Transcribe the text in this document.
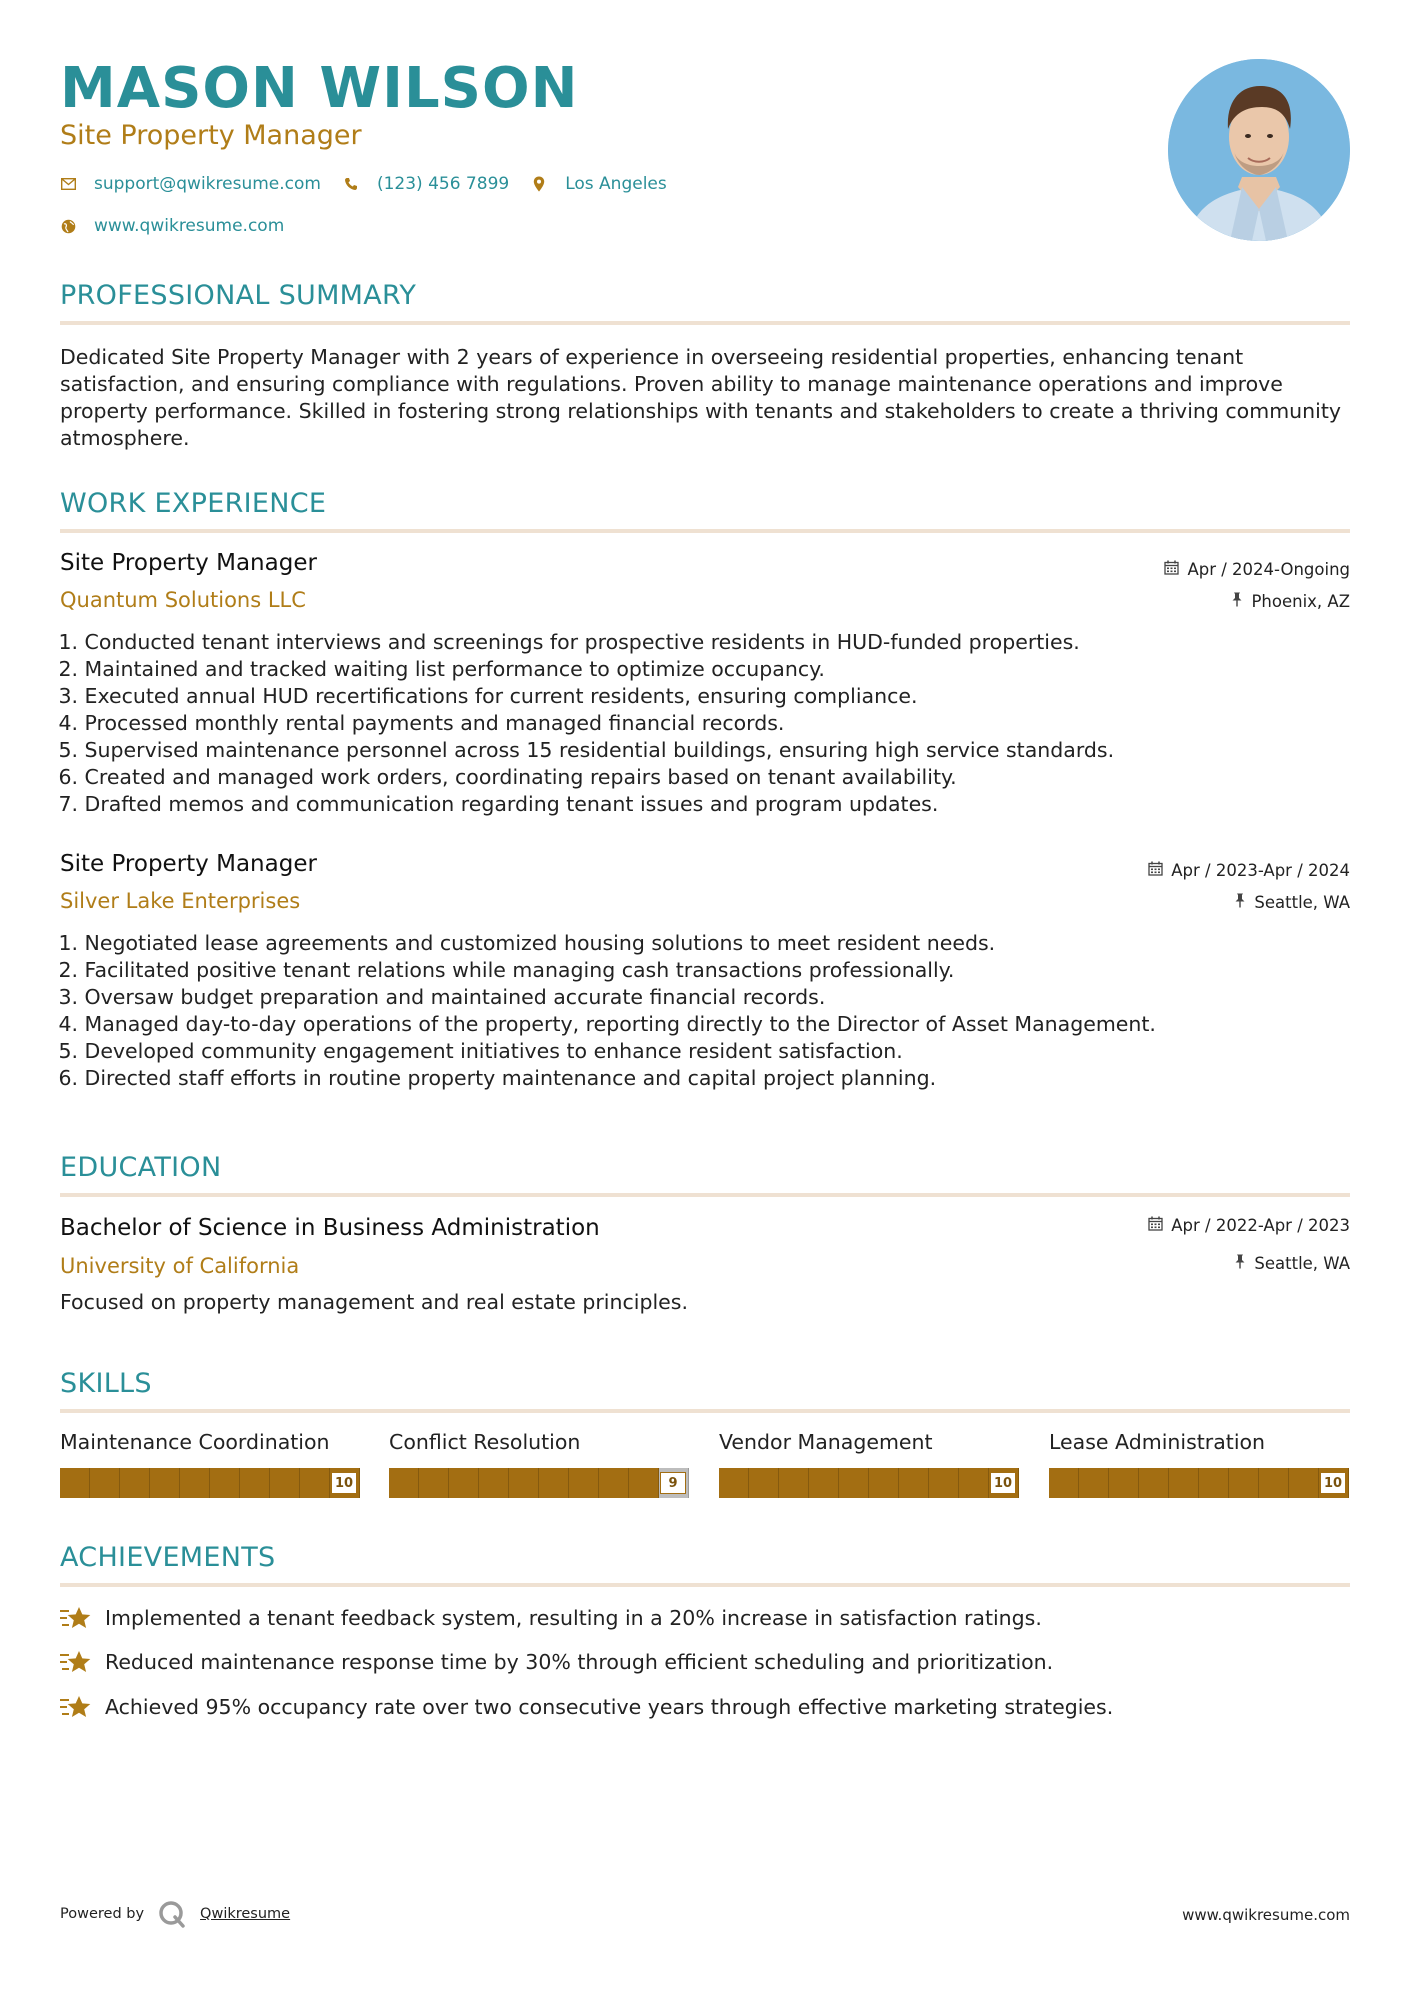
MASON WILSON
Site Property Manager
support@qwikresume.com	(123) 456 7899	Los Angeles
www.qwikresume.com
PROFESSIONAL SUMMARY
Dedicated Site Property Manager with 2 years of experience in overseeing residential properties, enhancing tenant satisfaction, and ensuring compliance with regulations. Proven ability to manage maintenance operations and improve property performance. Skilled in fostering strong relationships with tenants and stakeholders to create a thriving community atmosphere.
WORK EXPERIENCE
Site Property Manager
Quantum Solutions LLC
Apr / 2024-Ongoing
Phoenix, AZ
1.
Conducted tenant interviews and screenings for prospective residents in HUD-funded properties.
2.
Maintained and tracked waiting list performance to optimize occupancy.
3.
Executed annual HUD recertifications for current residents, ensuring compliance.
4.
Processed monthly rental payments and managed financial records.
5.
Supervised maintenance personnel across 15 residential buildings, ensuring high service standards.
6.
Created and managed work orders, coordinating repairs based on tenant availability.
7.
Drafted memos and communication regarding tenant issues and program updates.
Site Property Manager
Silver Lake Enterprises
Apr / 2023-Apr / 2024
Seattle, WA
1.
Negotiated lease agreements and customized housing solutions to meet resident needs.
2.
Facilitated positive tenant relations while managing cash transactions professionally.
3.
Oversaw budget preparation and maintained accurate financial records.
4.
Managed day-to-day operations of the property, reporting directly to the Director of Asset Management.
5.
Developed community engagement initiatives to enhance resident satisfaction.
6.
Directed staff efforts in routine property maintenance and capital project planning.
EDUCATION
Bachelor of Science in Business Administration
University of California
Apr / 2022-Apr / 2023
Seattle, WA
Focused on property management and real estate principles.
SKILLS
Maintenance Coordination
10
Conflict Resolution
9
Vendor Management
10
Lease Administration
10
ACHIEVEMENTS
Implemented a tenant feedback system, resulting in a 20% increase in satisfaction ratings.
Reduced maintenance response time by 30% through efficient scheduling and prioritization.
Achieved 95% occupancy rate over two consecutive years through effective marketing strategies.
Powered by	Qwikresume	www.qwikresume.com
